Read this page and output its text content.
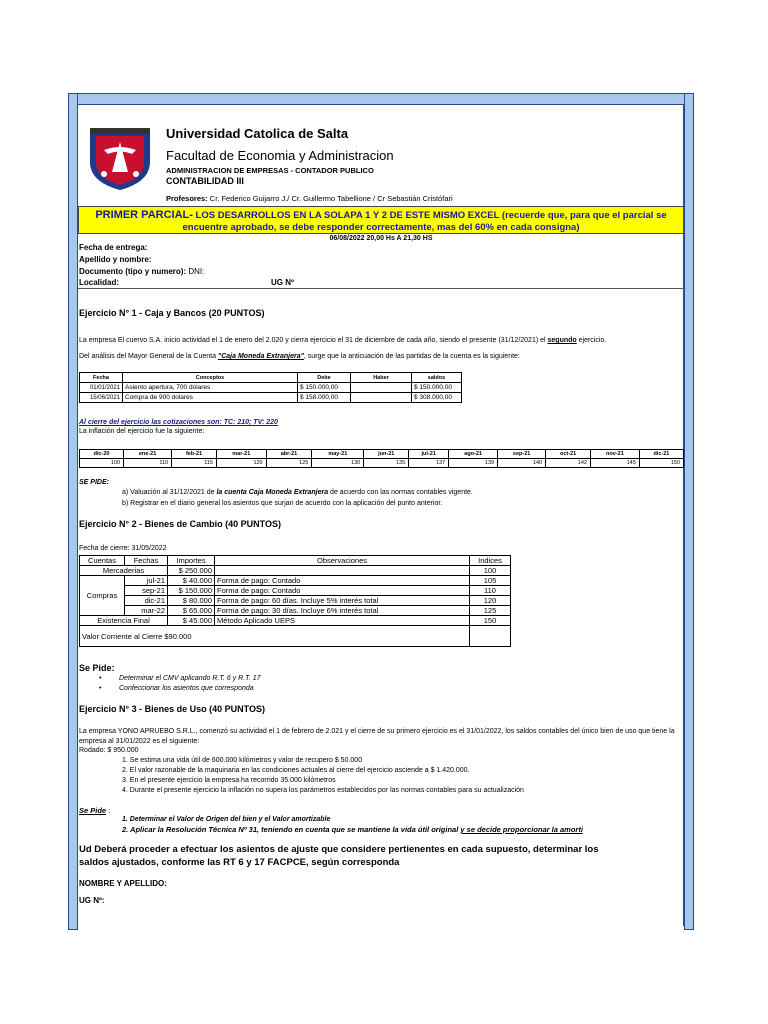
Universidad Catolica de Salta
Facultad de Economia y Administracion
ADMINISTRACION DE EMPRESAS - CONTADOR PUBLICO
CONTABILIDAD III
Profesores: Cr. Federico Guijarro J./ Cr. Guillermo Tabellione / Cr Sebastián Cristófari
PRIMER PARCIAL- LOS DESARROLLOS EN LA SOLAPA 1 Y 2 DE ESTE MISMO EXCEL (recuerde que, para que el parcial se encuentre aprobado, se debe responder correctamente, mas del 60% en cada consigna)
06/08/2022 20,00 Hs A 21,30 HS
Fecha de entrega:
Apellido y nombre:
Documento (tipo y numero): DNI:
Localidad:	UG Nº
Ejercicio N° 1 - Caja y Bancos (20 PUNTOS)
La empresa El cuervo S.A. inicio actividad el 1 de enero del 2.020 y cierra ejercicio el 31 de diciembre de cada año, siendo el presente (31/12/2021) el segundo ejercicio.
Del análisis del Mayor General de la Cuenta "Caja Moneda Extranjera", surge que la anticuación de las partidas de la cuenta es la siguiente:
Fecha	Conceptos	Debe	Haber	saldos
01/01/2021	Asiento apertura, 700 dolares	$ 150.000,00		$ 150.000,00
15/06/2021	Compra de 900 dolares	$ 158.000,00		$ 308.000,00
Al cierre del ejercicio las cotizaciones son: TC: 210; TV: 220
La inflación del ejercicio fue la siguiente:
dic-20	ene-21	feb-21	mar-21	abr-21	may-21	jun-21	jul-21	ago-21	sep-21	oct-21	nov-21	dic-21
100	110	115	120	125	130	135	137	139	140	142	145	150
SE PIDE:
a) Valuación al 31/12/2021 de la cuenta Caja Moneda Extranjera de acuerdo con las normas contables vigente.
b) Registrar en el diario general los asientos que surjan de acuerdo con la aplicación del punto anterior.
Ejercicio N° 2 - Bienes de Cambio (40 PUNTOS)
Fecha de cierre: 31/05/2022
Cuentas	Fechas	Importes	Observaciones	Indices
Mercaderias		$ 250.000		100
Compras	jul-21	$ 40.000	Forma de pago: Contado	105
	sep-21	$ 150.000	Forma de pago: Contado	110
	dic-21	$ 80.000	Forma de pago: 60 días. Incluye 5% interés total	120
	mar-22	$ 65.000	Forma de pago: 30 días. Incluye 6% interés total	125
Existencia Final		$ 45.000	Método Aplicado UEPS	150
Valor Corriente al Cierre $90.000				
Se Pide:
• Determinar el CMV aplicando R.T. 6 y R.T. 17
• Confeccionar los asientos que corresponda
Ejercicio N° 3 - Bienes de Uso (40 PUNTOS)
La empresa YONO APRUEBO S.R.L., comenzó su actividad el 1 de febrero de 2.021 y el cierre de su primero ejercicio es el 31/01/2022, los saldos contables del único bien de uso que tiene la empresa al 31/01/2022 es el siguiente:
Rodado: $ 950.000
1. Se estima una vida útil de 600.000 kilómetros y valor de recupero $ 50.000
2. El valor razonable de la maquinaria en las condiciones actuales al cierre del ejercicio asciende a $ 1.420.000.
3. En el presente ejercicio la empresa ha recorrido 35.000 kilómetros
4. Durante el presente ejercicio la inflación no supera los parámetros establecidos por las normas contables para su actualización
Se Pide :
1. Determinar el Valor de Origen del bien y el Valor amortizable
2. Aplicar la Resolución Técnica Nº 31, teniendo en cuenta que se mantiene la vida útil original y se decide proporcionar la amorti
Ud Deberá proceder a efectuar los asientos de ajuste que considere pertienentes en cada supuesto, determinar los
saldos ajustados, conforme las RT 6 y 17 FACPCE, según corresponda
NOMBRE Y APELLIDO:
UG Nº:
